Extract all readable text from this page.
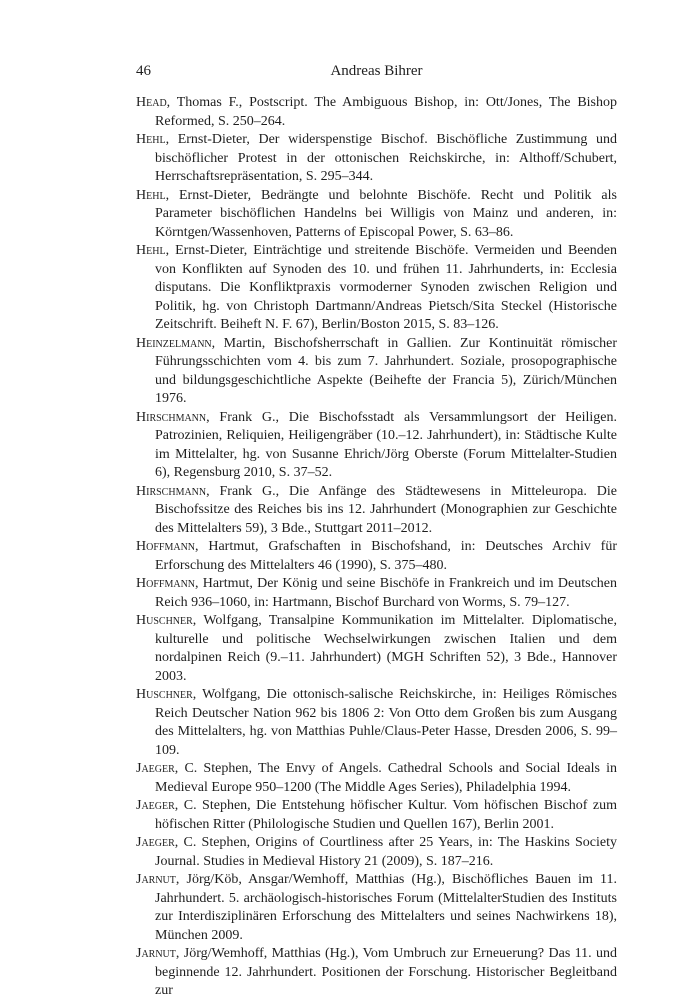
46	Andreas Bihrer
Head, Thomas F., Postscript. The Ambiguous Bishop, in: Ott/Jones, The Bishop Reformed, S. 250–264.
Hehl, Ernst-Dieter, Der widerspenstige Bischof. Bischöfliche Zustimmung und bischöflicher Protest in der ottonischen Reichskirche, in: Althoff/Schubert, Herrschaftsrepräsentation, S. 295–344.
Hehl, Ernst-Dieter, Bedrängte und belohnte Bischöfe. Recht und Politik als Parameter bischöflichen Handelns bei Willigis von Mainz und anderen, in: Körntgen/Wassenhoven, Patterns of Episcopal Power, S. 63–86.
Hehl, Ernst-Dieter, Einträchtige und streitende Bischöfe. Vermeiden und Beenden von Konflikten auf Synoden des 10. und frühen 11. Jahrhunderts, in: Ecclesia disputans. Die Konfliktpraxis vormoderner Synoden zwischen Religion und Politik, hg. von Christoph Dartmann/Andreas Pietsch/Sita Steckel (Historische Zeitschrift. Beiheft N. F. 67), Berlin/Boston 2015, S. 83–126.
Heinzelmann, Martin, Bischofsherrschaft in Gallien. Zur Kontinuität römischer Führungsschichten vom 4. bis zum 7. Jahrhundert. Soziale, prosopographische und bildungsgeschichtliche Aspekte (Beihefte der Francia 5), Zürich/München 1976.
Hirschmann, Frank G., Die Bischofsstadt als Versammlungsort der Heiligen. Patrozinien, Reliquien, Heiligengräber (10.–12. Jahrhundert), in: Städtische Kulte im Mittelalter, hg. von Susanne Ehrich/Jörg Oberste (Forum Mittelalter-Studien 6), Regensburg 2010, S. 37–52.
Hirschmann, Frank G., Die Anfänge des Städtewesens in Mitteleuropa. Die Bischofssitze des Reiches bis ins 12. Jahrhundert (Monographien zur Geschichte des Mittelalters 59), 3 Bde., Stuttgart 2011–2012.
Hoffmann, Hartmut, Grafschaften in Bischofshand, in: Deutsches Archiv für Erforschung des Mittelalters 46 (1990), S. 375–480.
Hoffmann, Hartmut, Der König und seine Bischöfe in Frankreich und im Deutschen Reich 936–1060, in: Hartmann, Bischof Burchard von Worms, S. 79–127.
Huschner, Wolfgang, Transalpine Kommunikation im Mittelalter. Diplomatische, kulturelle und politische Wechselwirkungen zwischen Italien und dem nordalpinen Reich (9.–11. Jahrhundert) (MGH Schriften 52), 3 Bde., Hannover 2003.
Huschner, Wolfgang, Die ottonisch-salische Reichskirche, in: Heiliges Römisches Reich Deutscher Nation 962 bis 1806 2: Von Otto dem Großen bis zum Ausgang des Mittelalters, hg. von Matthias Puhle/Claus-Peter Hasse, Dresden 2006, S. 99–109.
Jaeger, C. Stephen, The Envy of Angels. Cathedral Schools and Social Ideals in Medieval Europe 950–1200 (The Middle Ages Series), Philadelphia 1994.
Jaeger, C. Stephen, Die Entstehung höfischer Kultur. Vom höfischen Bischof zum höfischen Ritter (Philologische Studien und Quellen 167), Berlin 2001.
Jaeger, C. Stephen, Origins of Courtliness after 25 Years, in: The Haskins Society Journal. Studies in Medieval History 21 (2009), S. 187–216.
Jarnut, Jörg/Köb, Ansgar/Wemhoff, Matthias (Hg.), Bischöfliches Bauen im 11. Jahrhundert. 5. archäologisch-historisches Forum (MittelalterStudien des Instituts zur Interdisziplinären Erforschung des Mittelalters und seines Nachwirkens 18), München 2009.
Jarnut, Jörg/Wemhoff, Matthias (Hg.), Vom Umbruch zur Erneuerung? Das 11. und beginnende 12. Jahrhundert. Positionen der Forschung. Historischer Begleitband zur
